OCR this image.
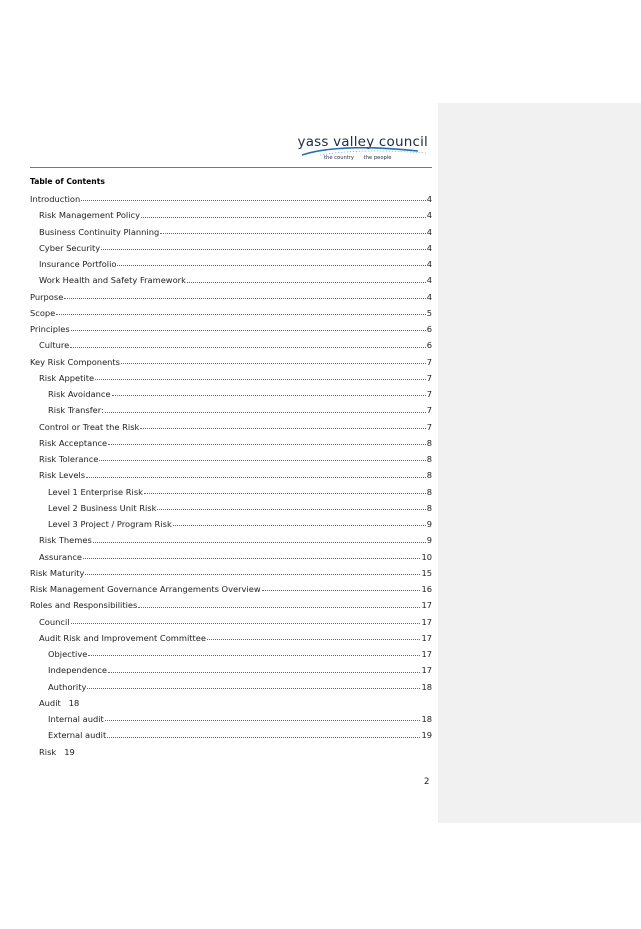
yass valley council
the country the people
Table of Contents
Introduction	4
Risk Management Policy	4
Business Continuity Planning	4
Cyber Security	4
Insurance Portfolio	4
Work Health and Safety Framework	4
Purpose	4
Scope	5
Principles	6
Culture	6
Key Risk Components	7
Risk Appetite	7
Risk Avoidance	7
Risk Transfer:	7
Control or Treat the Risk	7
Risk Acceptance	8
Risk Tolerance	8
Risk Levels	8
Level 1 Enterprise Risk	8
Level 2 Business Unit Risk	8
Level 3 Project / Program Risk	9
Risk Themes	9
Assurance	10
Risk Maturity	15
Risk Management Governance Arrangements Overview	16
Roles and Responsibilities	17
Council	17
Audit Risk and Improvement Committee	17
Objective	17
Independence	17
Authority	18
Audit 18
Internal audit	18
External audit	19
Risk 19
2
